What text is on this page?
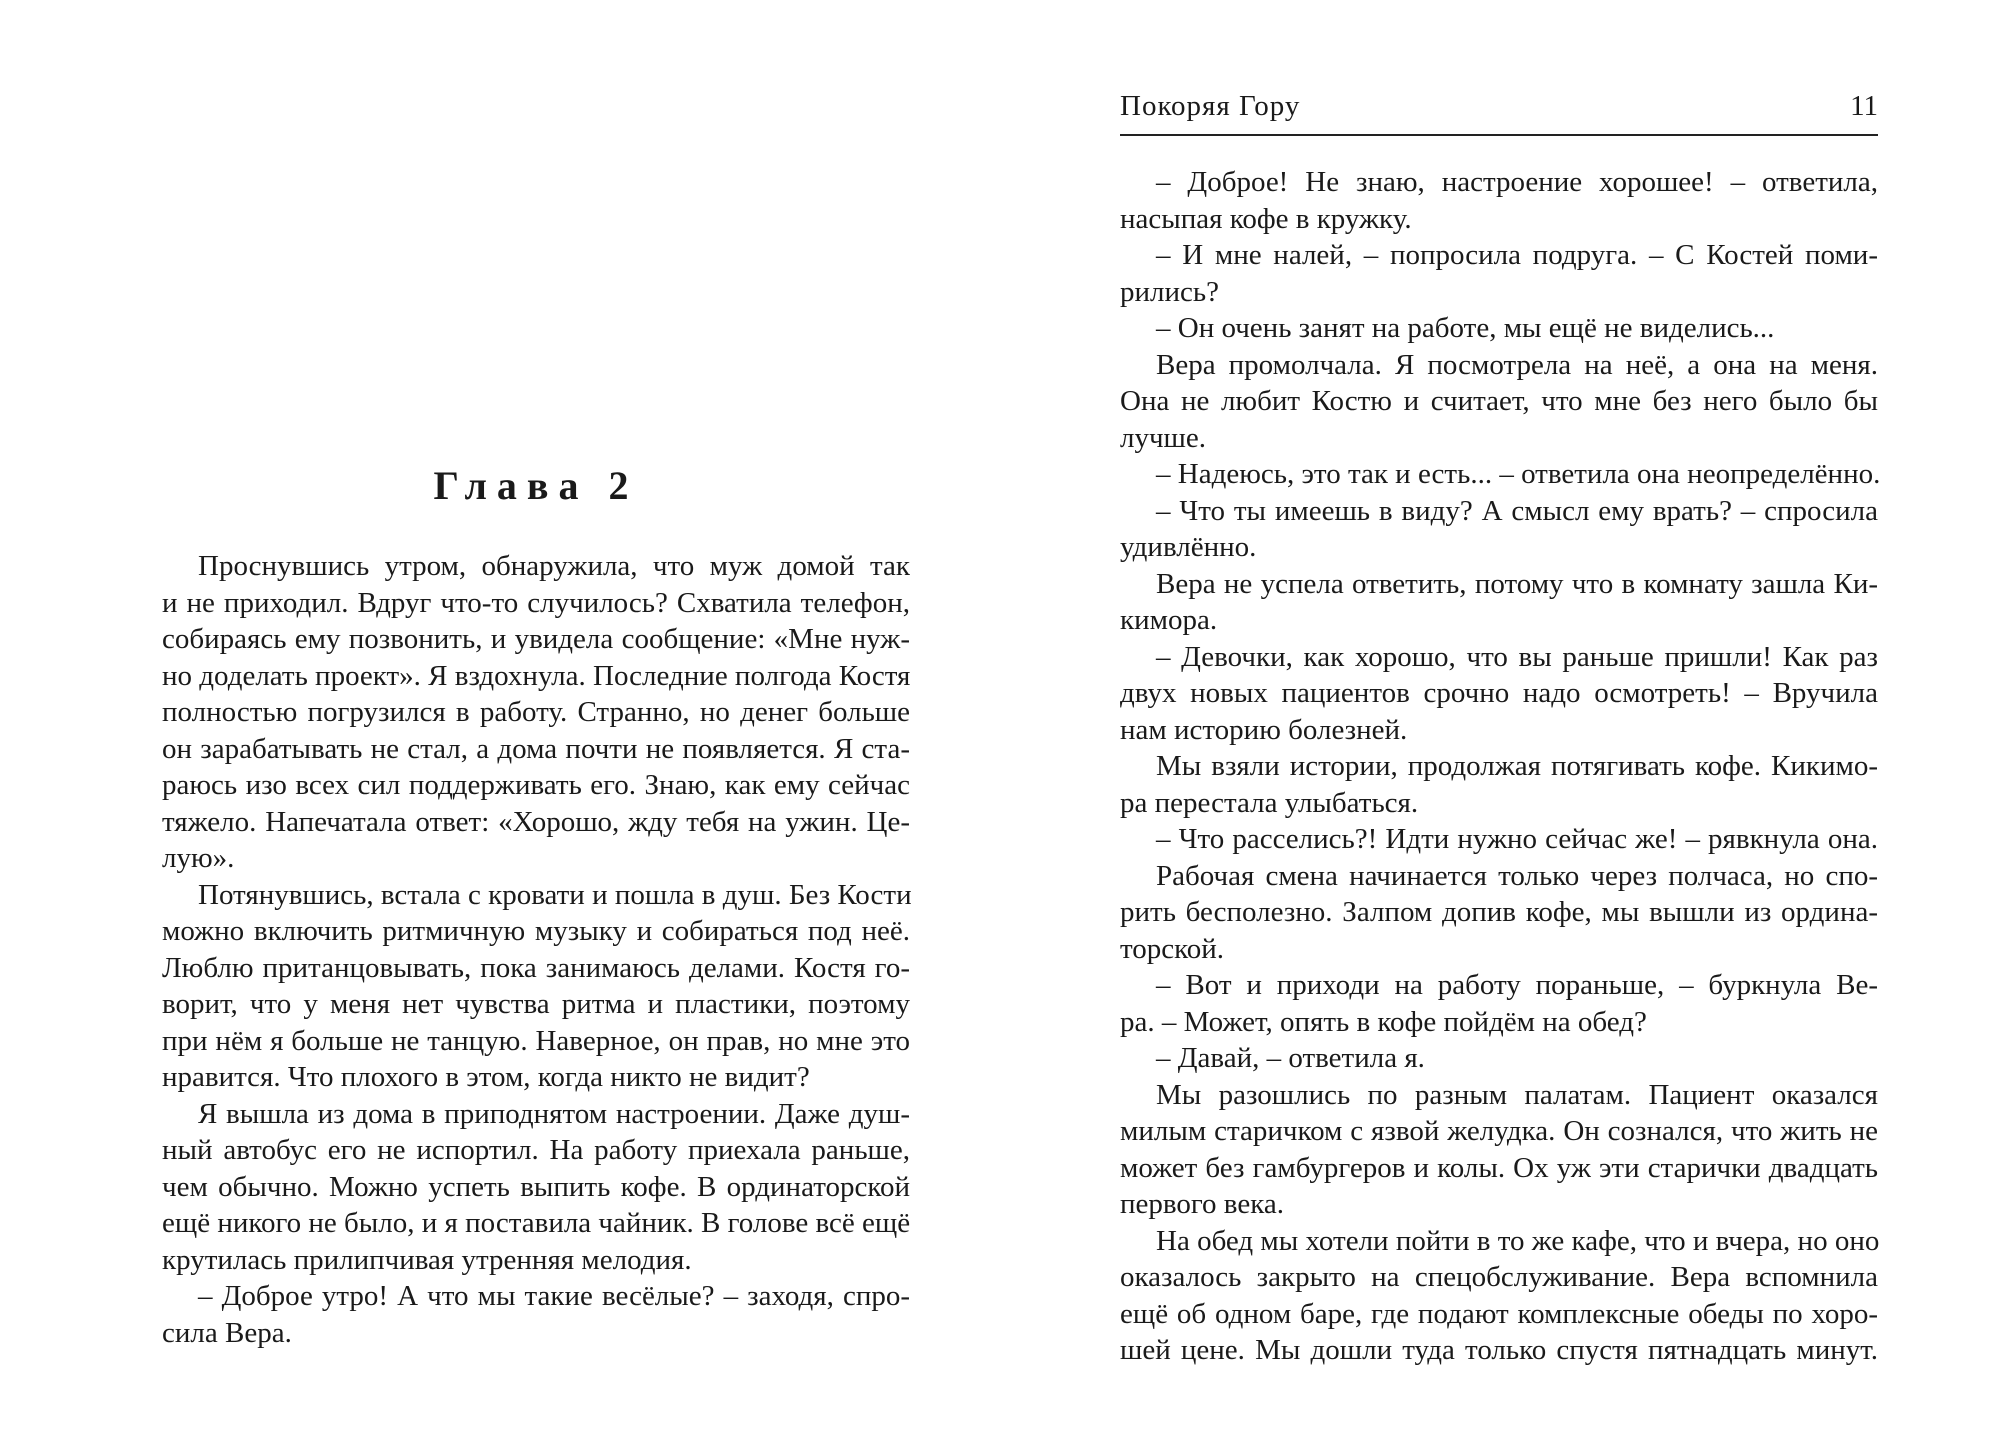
Глава 2
Проснувшись утром, обнаружила, что муж домой так
и не приходил. Вдруг что-то случилось? Схватила телефон,
собираясь ему позвонить, и увидела сообщение: «Мне нуж-
но доделать проект». Я вздохнула. Последние полгода Костя
полностью погрузился в работу. Странно, но денег больше
он зарабатывать не стал, а дома почти не появляется. Я ста-
раюсь изо всех сил поддерживать его. Знаю, как ему сейчас
тяжело. Напечатала ответ: «Хорошо, жду тебя на ужин. Це-
лую».
Потянувшись, встала с кровати и пошла в душ. Без Кости
можно включить ритмичную музыку и собираться под неё.
Люблю пританцовывать, пока занимаюсь делами. Костя го-
ворит, что у меня нет чувства ритма и пластики, поэтому
при нём я больше не танцую. Наверное, он прав, но мне это
нравится. Что плохого в этом, когда никто не видит?
Я вышла из дома в приподнятом настроении. Даже душ-
ный автобус его не испортил. На работу приехала раньше,
чем обычно. Можно успеть выпить кофе. В ординаторской
ещё никого не было, и я поставила чайник. В голове всё ещё
крутилась прилипчивая утренняя мелодия.
– Доброе утро! А что мы такие весёлые? – заходя, спро-
сила Вера.
Покоряя Гору	11
– Доброе! Не знаю, настроение хорошее! – ответила,
насыпая кофе в кружку.
– И мне налей, – попросила подруга. – С Костей поми-
рились?
– Он очень занят на работе, мы ещё не виделись...
Вера промолчала. Я посмотрела на неё, а она на меня.
Она не любит Костю и считает, что мне без него было бы
лучше.
– Надеюсь, это так и есть... – ответила она неопределённо.
– Что ты имеешь в виду? А смысл ему врать? – спросила
удивлённо.
Вера не успела ответить, потому что в комнату зашла Ки-
кимора.
– Девочки, как хорошо, что вы раньше пришли! Как раз
двух новых пациентов срочно надо осмотреть! – Вручила
нам историю болезней.
Мы взяли истории, продолжая потягивать кофе. Кикимо-
ра перестала улыбаться.
– Что расселись?! Идти нужно сейчас же! – рявкнула она.
Рабочая смена начинается только через полчаса, но спо-
рить бесполезно. Залпом допив кофе, мы вышли из ордина-
торской.
– Вот и приходи на работу пораньше, – буркнула Ве-
ра. – Может, опять в кофе пойдём на обед?
– Давай, – ответила я.
Мы разошлись по разным палатам. Пациент оказался
милым старичком с язвой желудка. Он сознался, что жить не
может без гамбургеров и колы. Ох уж эти старички двадцать
первого века.
На обед мы хотели пойти в то же кафе, что и вчера, но оно
оказалось закрыто на спецобслуживание. Вера вспомнила
ещё об одном баре, где подают комплексные обеды по хоро-
шей цене. Мы дошли туда только спустя пятнадцать минут.
